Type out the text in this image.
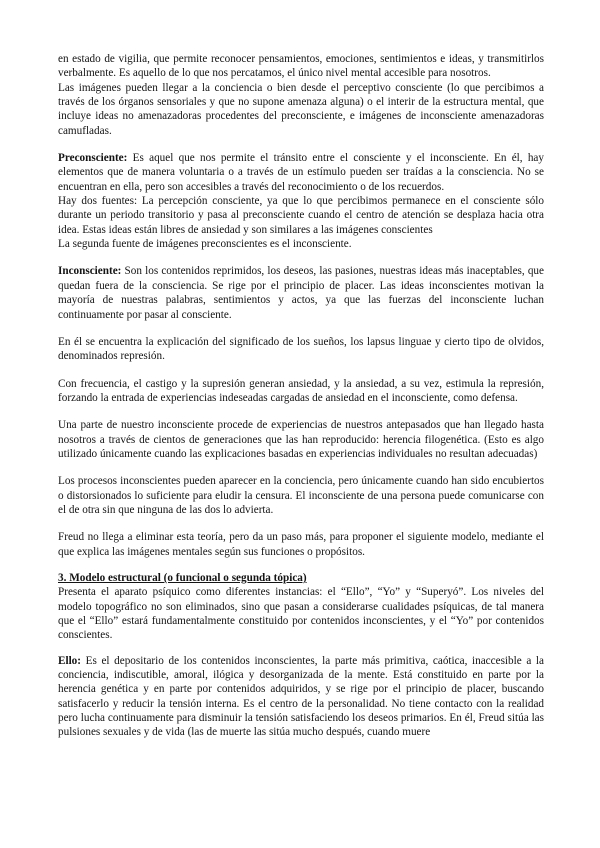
en estado de vigilia, que permite reconocer pensamientos, emociones, sentimientos e ideas, y transmitirlos verbalmente. Es aquello de lo que nos percatamos, el único nivel mental accesible para nosotros.

Las imágenes pueden llegar a la conciencia o bien desde el perceptivo consciente (lo que percibimos a través de los órganos sensoriales y que no supone amenaza alguna) o el interir de la estructura mental, que incluye ideas no amenazadoras procedentes del preconsciente, e imágenes de inconsciente amenazadoras camufladas.

Preconsciente: Es aquel que nos permite el tránsito entre el consciente y el inconsciente. En él, hay elementos que de manera voluntaria o a través de un estímulo pueden ser traídas a la consciencia. No se encuentran en ella, pero son accesibles a través del reconocimiento o de los recuerdos.

Hay dos fuentes: La percepción consciente, ya que lo que percibimos permanece en el consciente sólo durante un periodo transitorio y pasa al preconsciente cuando el centro de atención se desplaza hacia otra idea. Estas ideas están libres de ansiedad y son similares a las imágenes conscientes

La segunda fuente de imágenes preconscientes es el inconsciente.

Inconsciente: Son los contenidos reprimidos, los deseos, las pasiones, nuestras ideas más inaceptables, que quedan fuera de la consciencia. Se rige por el principio de placer. Las ideas inconscientes motivan la mayoría de nuestras palabras, sentimientos y actos, ya que las fuerzas del inconsciente luchan continuamente por pasar al consciente.

En él se encuentra la explicación del significado de los sueños, los lapsus linguae y cierto tipo de olvidos, denominados represión.

Con frecuencia, el castigo y la supresión generan ansiedad, y la ansiedad, a su vez, estimula la represión, forzando la entrada de experiencias indeseadas cargadas de ansiedad en el inconsciente, como defensa.

Una parte de nuestro inconsciente procede de experiencias de nuestros antepasados que han llegado hasta nosotros a través de cientos de generaciones que las han reproducido: herencia filogenética. (Esto es algo utilizado únicamente cuando las explicaciones basadas en experiencias individuales no resultan adecuadas)

Los procesos inconscientes pueden aparecer en la conciencia, pero únicamente cuando han sido encubiertos o distorsionados lo suficiente para eludir la censura. El inconsciente de una persona puede comunicarse con el de otra sin que ninguna de las dos lo advierta.

Freud no llega a eliminar esta teoría, pero da un paso más, para proponer el siguiente modelo, mediante el que explica las imágenes mentales según sus funciones o propósitos.

3. Modelo estructural (o funcional o segunda tópica)

Presenta el aparato psíquico como diferentes instancias: el “Ello”, “Yo” y “Superyó”. Los niveles del modelo topográfico no son eliminados, sino que pasan a considerarse cualidades psíquicas, de tal manera que el “Ello” estará fundamentalmente constituido por contenidos inconscientes, y el “Yo” por contenidos conscientes.

Ello: Es el depositario de los contenidos inconscientes, la parte más primitiva, caótica, inaccesible a la conciencia, indiscutible, amoral, ilógica y desorganizada de la mente. Está constituido en parte por la herencia genética y en parte por contenidos adquiridos, y se rige por el principio de placer, buscando satisfacerlo y reducir la tensión interna. Es el centro de la personalidad. No tiene contacto con la realidad pero lucha continuamente para disminuir la tensión satisfaciendo los deseos primarios. En él, Freud sitúa las pulsiones sexuales y de vida (las de muerte las sitúa mucho después, cuando muere
